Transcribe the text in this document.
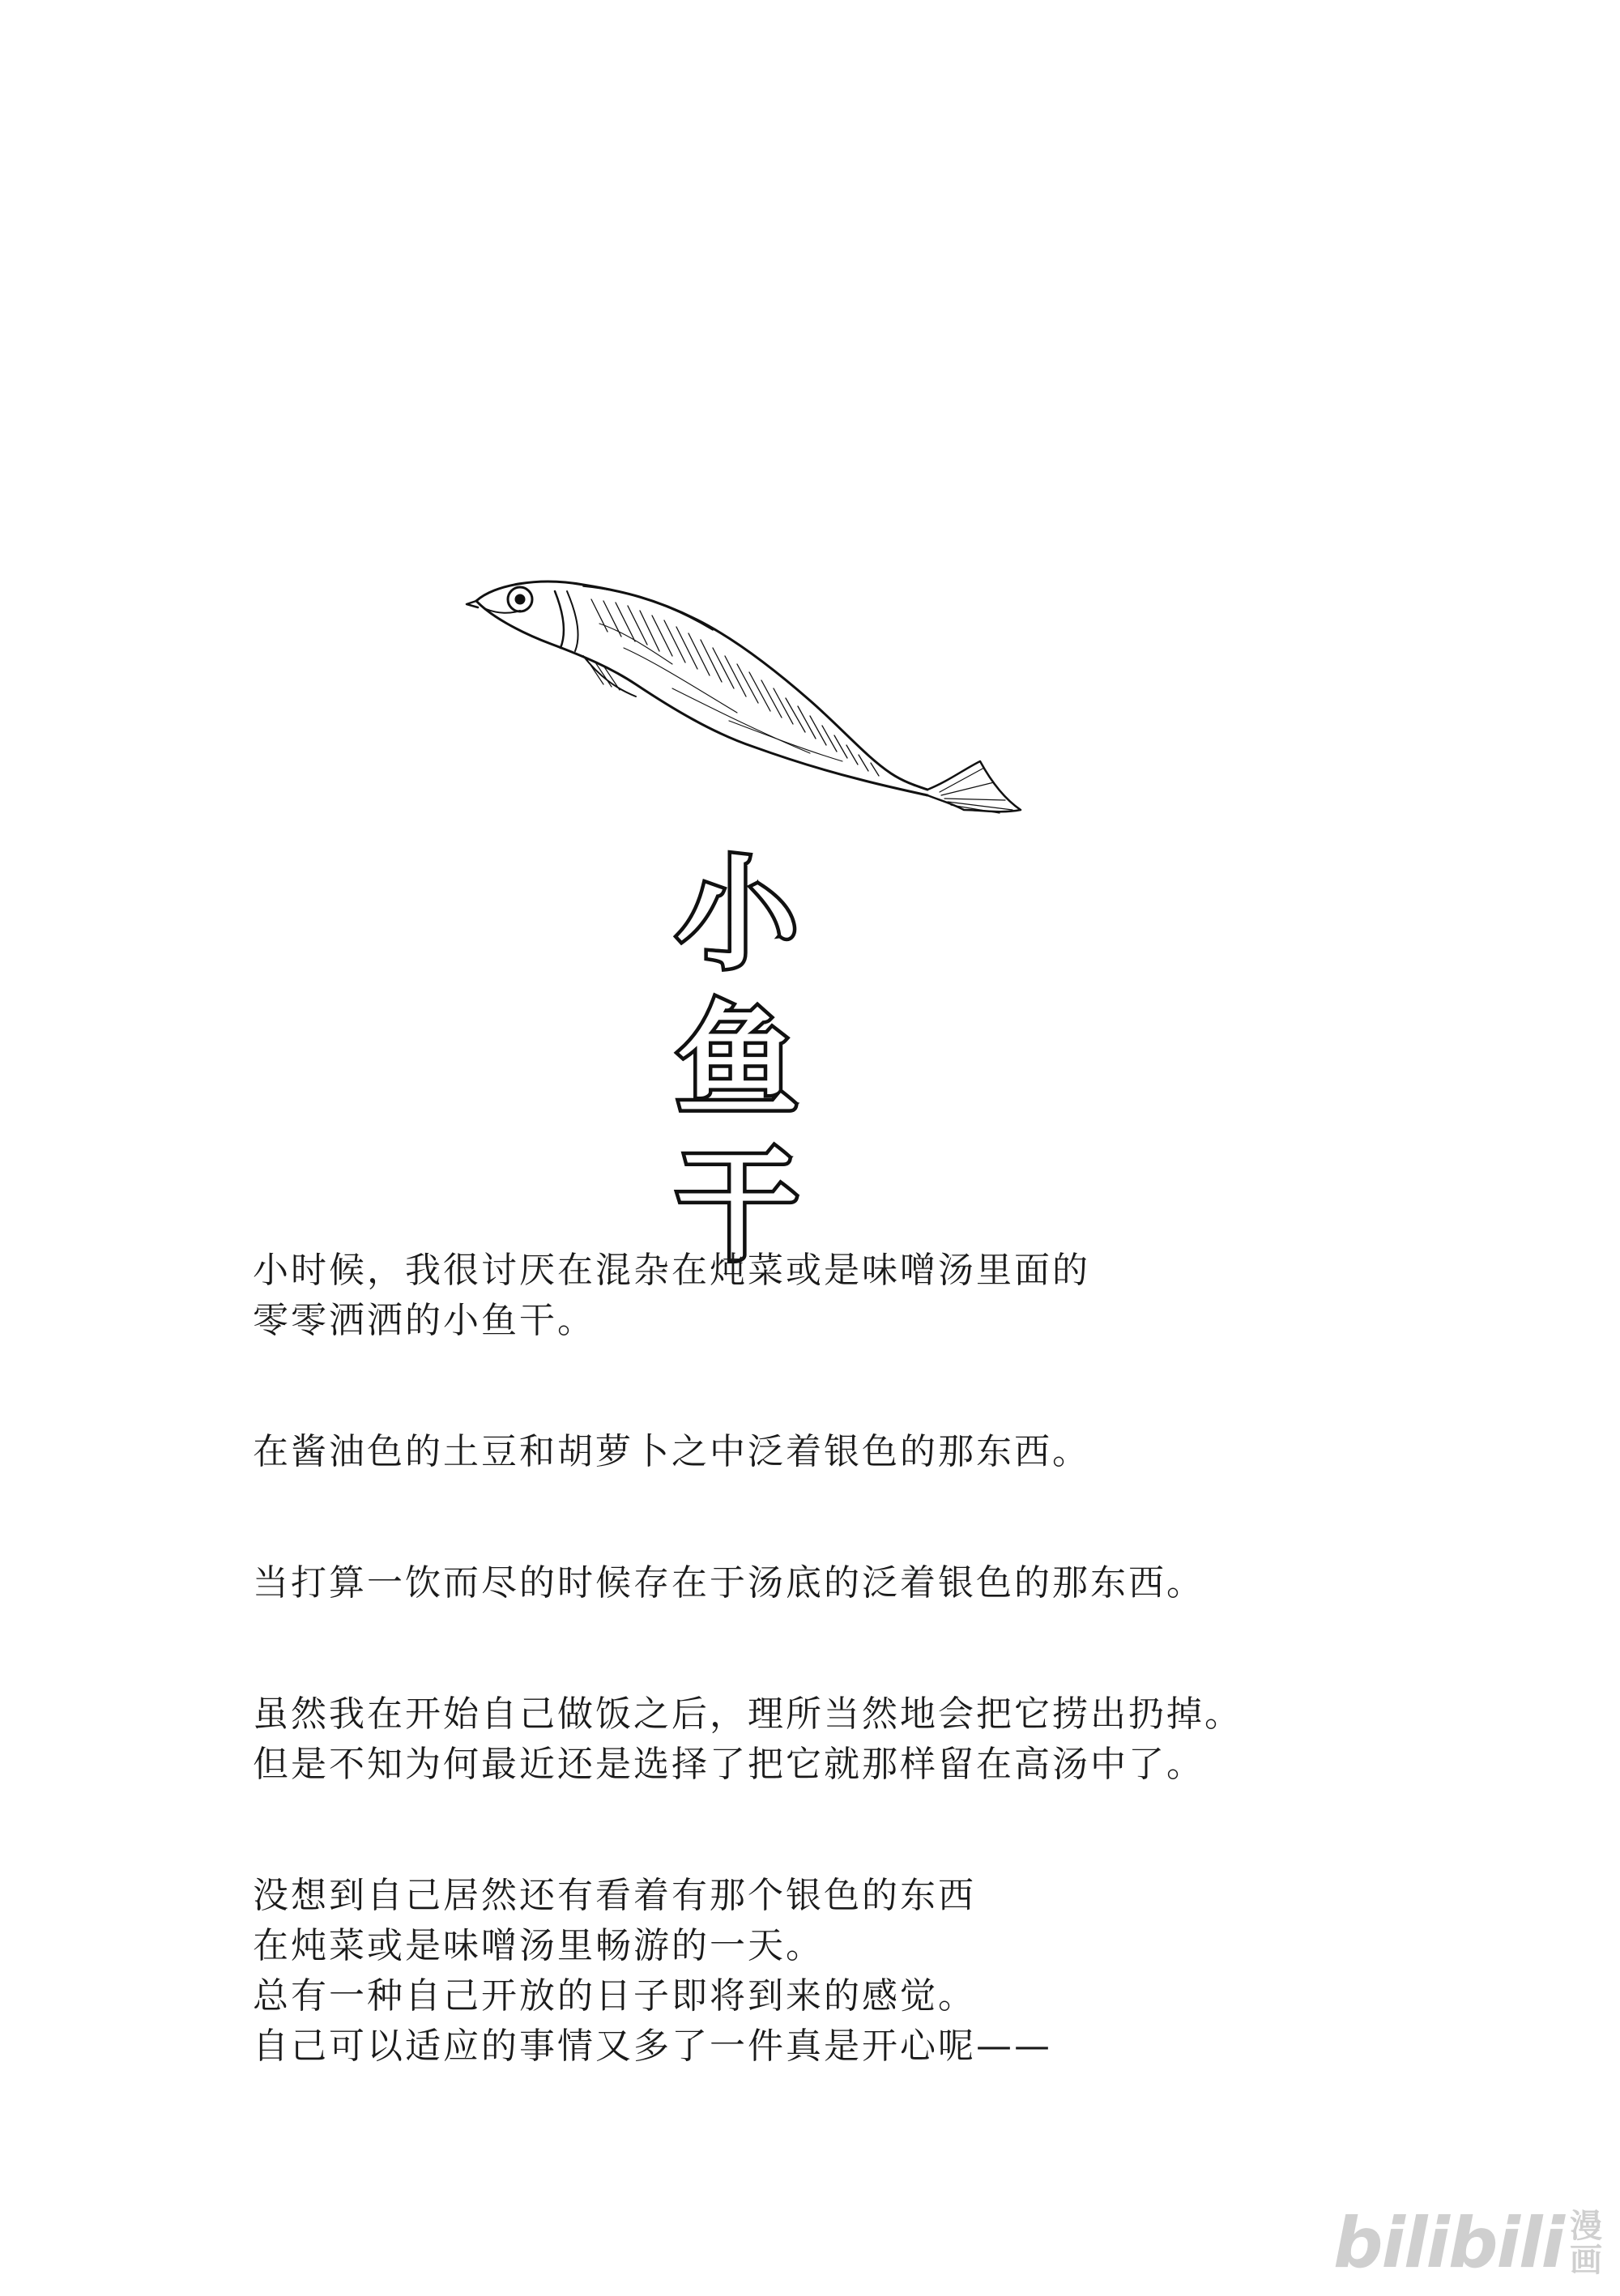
小
鱼
干
小时候，我很讨厌在混杂在炖菜或是味噌汤里面的
零零洒洒的小鱼干。
在酱油色的土豆和胡萝卜之中泛着银色的那东西。
当打算一饮而尽的时候存在于汤底的泛着银色的那东西。
虽然我在开始自己做饭之后，理所当然地会把它捞出扔掉。
但是不知为何最近还是选择了把它就那样留在高汤中了。
没想到自己居然还有看着有那个银色的东西
在炖菜或是味噌汤里畅游的一天。
总有一种自己开放的日子即将到来的感觉。
自己可以适应的事情又多了一件真是开心呢——
bilibili 漫
画
